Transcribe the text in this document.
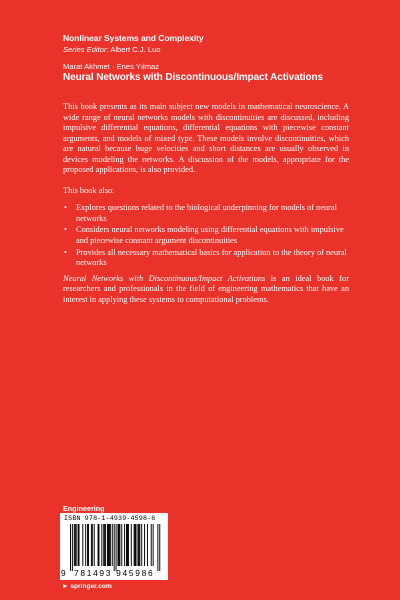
Nonlinear Systems and Complexity
Series Editor: Albert C.J. Luo
Marat Akhmet · Enes Yılmaz
Neural Networks with Discontinuous/Impact Activations

This book presents as its main subject new models in mathematical neuroscience. A wide range of neural networks models with discontinuities are discussed, including impulsive differential equations, differential equations with piecewise constant arguments, and models of mixed type. These models involve discontinuities, which are natural because huge velocities and short distances are usually observed in devices modeling the networks. A discussion of the models, appropriate for the proposed applications, is also provided.

This book also:

• Explores questions related to the biological underpinning for models of neural networks
• Considers neural networks modeling using differential equations with impulsive and piecewise constant argument discontinuities
• Provides all necessary mathematical basics for application to the theory of neural networks

Neural Networks with Discontinuous/Impact Activations is an ideal book for researchers and professionals in the field of engineering mathematics that have an interest in applying these systems to computational problems.

Engineering
ISBN 978-1-4939-4598-6
9 781493 945986
► springer.com
